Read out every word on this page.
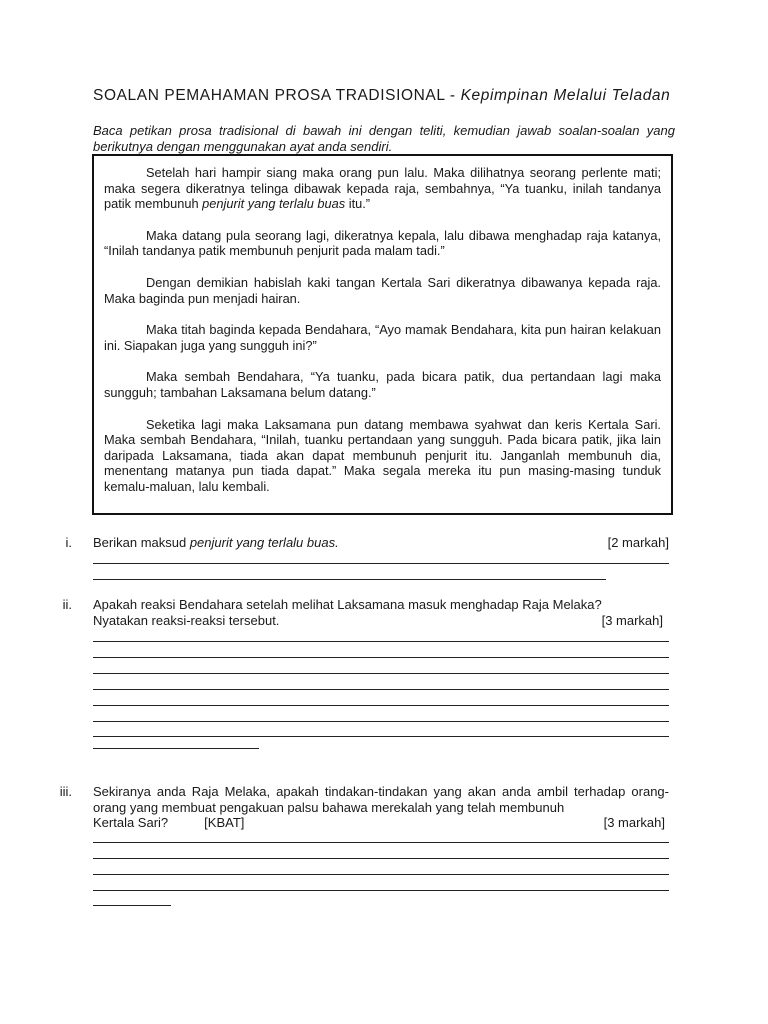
SOALAN PEMAHAMAN PROSA TRADISIONAL - Kepimpinan Melalui Teladan
Baca petikan prosa tradisional di bawah ini dengan teliti, kemudian jawab soalan-soalan yang berikutnya dengan menggunakan ayat anda sendiri.

Setelah hari hampir siang maka orang pun lalu. Maka dilihatnya seorang perlente mati; maka segera dikeratnya telinga dibawak kepada raja, sembahnya, “Ya tuanku, inilah tandanya patik membunuh penjurit yang terlalu buas itu.”

Maka datang pula seorang lagi, dikeratnya kepala, lalu dibawa menghadap raja katanya, “Inilah tandanya patik membunuh penjurit pada malam tadi.”

Dengan demikian habislah kaki tangan Kertala Sari dikeratnya dibawanya kepada raja. Maka baginda pun menjadi hairan.

Maka titah baginda kepada Bendahara, “Ayo mamak Bendahara, kita pun hairan kelakuan ini. Siapakan juga yang sungguh ini?”

Maka sembah Bendahara, “Ya tuanku, pada bicara patik, dua pertandaan lagi maka sungguh; tambahan Laksamana belum datang.”

Seketika lagi maka Laksamana pun datang membawa syahwat dan keris Kertala Sari. Maka sembah Bendahara, “Inilah, tuanku pertandaan yang sungguh. Pada bicara patik, jika lain daripada Laksamana, tiada akan dapat membunuh penjurit itu. Janganlah membunuh dia, menentang matanya pun tiada dapat.” Maka segala mereka itu pun masing-masing tunduk kemalu-maluan, lalu kembali.

i.	[2 markah]
Berikan maksud penjurit yang terlalu buas.
ii. Apakah reaksi Bendahara setelah melihat Laksamana masuk menghadap Raja Melaka?
[3 markah]
Nyatakan reaksi-reaksi tersebut.
iii. Sekiranya anda Raja Melaka, apakah tindakan-tindakan yang akan anda ambil terhadap orang-orang yang membuat pengakuan palsu bahawa merekalah yang telah membunuh
[3 markah]
Kertala Sari?	[KBAT]
